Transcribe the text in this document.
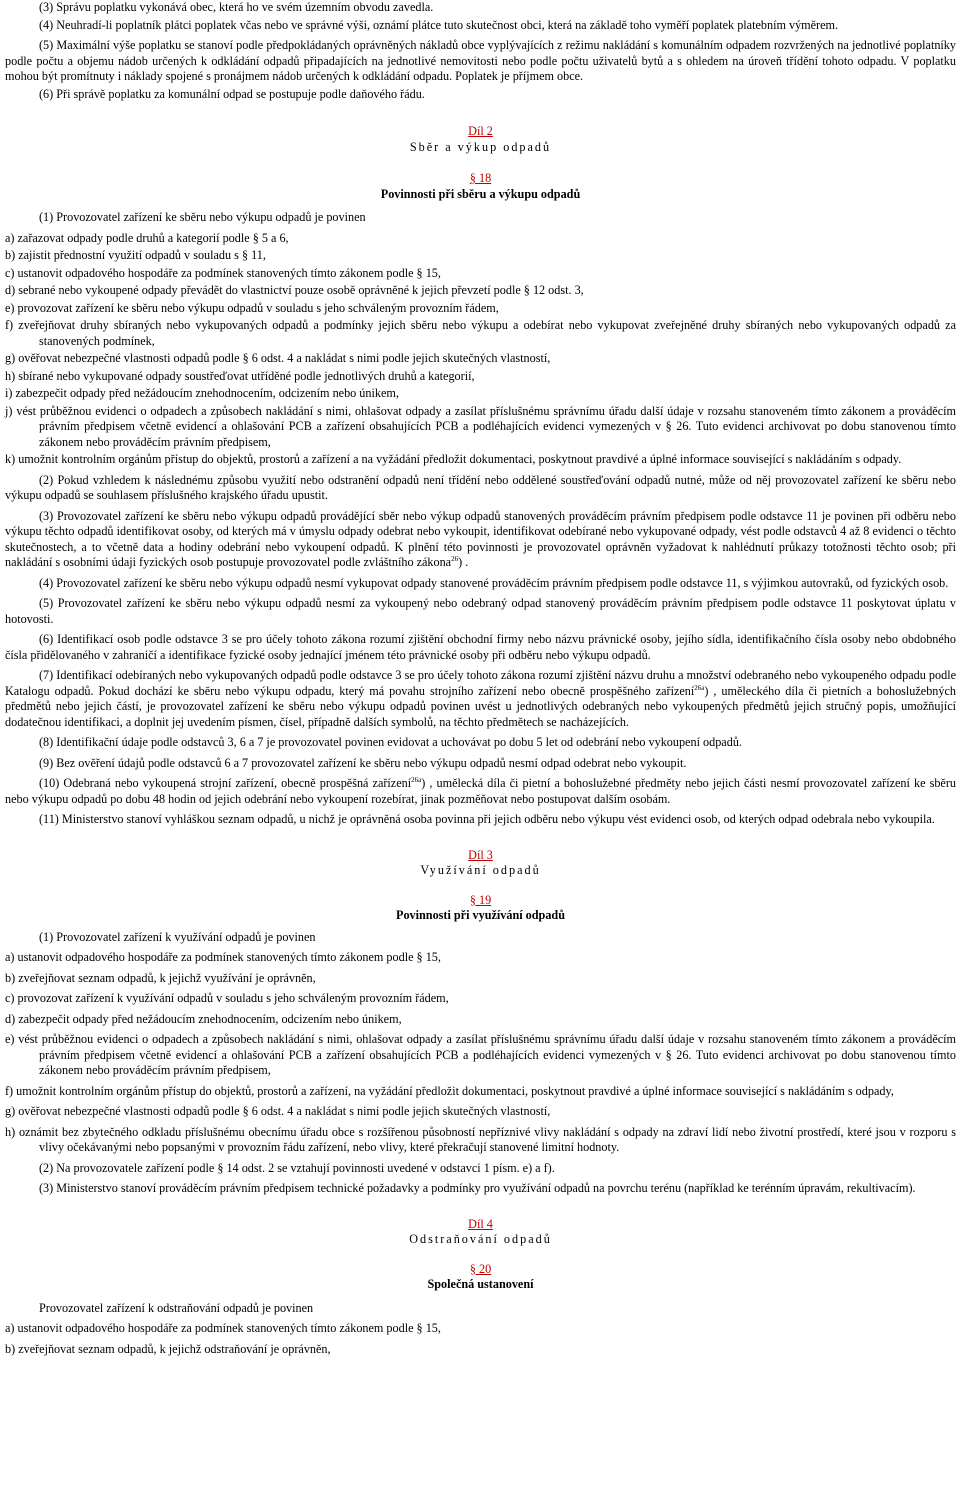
(3) Správu poplatku vykonává obec, která ho ve svém územním obvodu zavedla.

(4) Neuhradí-li poplatník plátci poplatek včas nebo ve správné výši, oznámí plátce tuto skutečnost obci, která na základě toho vyměří poplatek platebním výměrem.

(5) Maximální výše poplatku se stanoví podle předpokládaných oprávněných nákladů obce vyplývajících z režimu nakládání s komunálním odpadem rozvržených na jednotlivé poplatníky podle počtu a objemu nádob určených k odkládání odpadů připadajících na jednotlivé nemovitosti nebo podle počtu uživatelů bytů a s ohledem na úroveň třídění tohoto odpadu. V poplatku mohou být promítnuty i náklady spojené s pronájmem nádob určených k odkládání odpadu. Poplatek je příjmem obce.

(6) Při správě poplatku za komunální odpad se postupuje podle daňového řádu.

Díl 2
Sběr a výkup odpadů
§ 18
Povinnosti při sběru a výkupu odpadů

(1) Provozovatel zařízení ke sběru nebo výkupu odpadů je povinen

a) zařazovat odpady podle druhů a kategorií podle § 5 a 6,

b) zajistit přednostní využití odpadů v souladu s § 11,

c) ustanovit odpadového hospodáře za podmínek stanovených tímto zákonem podle § 15,

d) sebrané nebo vykoupené odpady převádět do vlastnictví pouze osobě oprávněné k jejich převzetí podle § 12 odst. 3,

e) provozovat zařízení ke sběru nebo výkupu odpadů v souladu s jeho schváleným provozním řádem,

f) zveřejňovat druhy sbíraných nebo vykupovaných odpadů a podmínky jejich sběru nebo výkupu a odebírat nebo vykupovat zveřejněné druhy sbíraných nebo vykupovaných odpadů za stanovených podmínek,

g) ověřovat nebezpečné vlastnosti odpadů podle § 6 odst. 4 a nakládat s nimi podle jejich skutečných vlastností,

h) sbírané nebo vykupované odpady soustřeďovat utříděné podle jednotlivých druhů a kategorií,

i) zabezpečit odpady před nežádoucím znehodnocením, odcizením nebo únikem,

j) vést průběžnou evidenci o odpadech a způsobech nakládání s nimi, ohlašovat odpady a zasílat příslušnému správnímu úřadu další údaje v rozsahu stanoveném tímto zákonem a prováděcím právním předpisem včetně evidencí a ohlašování PCB a zařízení obsahujících PCB a podléhajících evidenci vymezených v § 26. Tuto evidenci archivovat po dobu stanovenou tímto zákonem nebo prováděcím právním předpisem,

k) umožnit kontrolním orgánům přístup do objektů, prostorů a zařízení a na vyžádání předložit dokumentaci, poskytnout pravdivé a úplné informace související s nakládáním s odpady.

(2) Pokud vzhledem k následnému způsobu využití nebo odstranění odpadů není třídění nebo oddělené soustřeďování odpadů nutné, může od něj provozovatel zařízení ke sběru nebo výkupu odpadů se souhlasem příslušného krajského úřadu upustit.

(3) Provozovatel zařízení ke sběru nebo výkupu odpadů provádějící sběr nebo výkup odpadů stanovených prováděcím právním předpisem podle odstavce 11 je povinen při odběru nebo výkupu těchto odpadů identifikovat osoby, od kterých má v úmyslu odpady odebrat nebo vykoupit, identifikovat odebírané nebo vykupované odpady, vést podle odstavců 4 až 8 evidenci o těchto skutečnostech, a to včetně data a hodiny odebrání nebo vykoupení odpadů. K plnění této povinnosti je provozovatel oprávněn vyžadovat k nahlédnutí průkazy totožnosti těchto osob; při nakládání s osobními údaji fyzických osob postupuje provozovatel podle zvláštního zákona$^{26}$) .

(4) Provozovatel zařízení ke sběru nebo výkupu odpadů nesmí vykupovat odpady stanovené prováděcím právním předpisem podle odstavce 11, s výjimkou autovraků, od fyzických osob.

(5) Provozovatel zařízení ke sběru nebo výkupu odpadů nesmí za vykoupený nebo odebraný odpad stanovený prováděcím právním předpisem podle odstavce 11 poskytovat úplatu v hotovosti.

(6) Identifikací osob podle odstavce 3 se pro účely tohoto zákona rozumí zjištění obchodní firmy nebo názvu právnické osoby, jejího sídla, identifikačního čísla osoby nebo obdobného čísla přidělovaného v zahraničí a identifikace fyzické osoby jednající jménem této právnické osoby při odběru nebo výkupu odpadů.

(7) Identifikací odebíraných nebo vykupovaných odpadů podle odstavce 3 se pro účely tohoto zákona rozumí zjištění názvu druhu a množství odebraného nebo vykoupeného odpadu podle Katalogu odpadů. Pokud dochází ke sběru nebo výkupu odpadu, který má povahu strojního zařízení nebo obecně prospěšného zařízení$^{26a}$) , uměleckého díla či pietních a bohoslužebných předmětů nebo jejich částí, je provozovatel zařízení ke sběru nebo výkupu odpadů povinen uvést u jednotlivých odebraných nebo vykoupených předmětů jejich stručný popis, umožňující dodatečnou identifikaci, a doplnit jej uvedením písmen, čísel, případně dalších symbolů, na těchto předmětech se nacházejících.

(8) Identifikační údaje podle odstavců 3, 6 a 7 je provozovatel povinen evidovat a uchovávat po dobu 5 let od odebrání nebo vykoupení odpadů.

(9) Bez ověření údajů podle odstavců 6 a 7 provozovatel zařízení ke sběru nebo výkupu odpadů nesmí odpad odebrat nebo vykoupit.

(10) Odebraná nebo vykoupená strojní zařízení, obecně prospěšná zařízení$^{26a}$) , umělecká díla či pietní a bohoslužebné předměty nebo jejich části nesmí provozovatel zařízení ke sběru nebo výkupu odpadů po dobu 48 hodin od jejich odebrání nebo vykoupení rozebírat, jinak pozměňovat nebo postupovat dalším osobám.

(11) Ministerstvo stanoví vyhláškou seznam odpadů, u nichž je oprávněná osoba povinna při jejich odběru nebo výkupu vést evidenci osob, od kterých odpad odebrala nebo vykoupila.

Díl 3
Využívání odpadů
§ 19
Povinnosti při využívání odpadů

(1) Provozovatel zařízení k využívání odpadů je povinen

a) ustanovit odpadového hospodáře za podmínek stanovených tímto zákonem podle § 15,

b) zveřejňovat seznam odpadů, k jejichž využívání je oprávněn,

c) provozovat zařízení k využívání odpadů v souladu s jeho schváleným provozním řádem,

d) zabezpečit odpady před nežádoucím znehodnocením, odcizením nebo únikem,

e) vést průběžnou evidenci o odpadech a způsobech nakládání s nimi, ohlašovat odpady a zasílat příslušnému správnímu úřadu další údaje v rozsahu stanoveném tímto zákonem a prováděcím právním předpisem včetně evidencí a ohlašování PCB a zařízení obsahujících PCB a podléhajících evidenci vymezených v § 26. Tuto evidenci archivovat po dobu stanovenou tímto zákonem nebo prováděcím právním předpisem,

f) umožnit kontrolním orgánům přístup do objektů, prostorů a zařízení, na vyžádání předložit dokumentaci, poskytnout pravdivé a úplné informace související s nakládáním s odpady,

g) ověřovat nebezpečné vlastnosti odpadů podle § 6 odst. 4 a nakládat s nimi podle jejich skutečných vlastností,

h) oznámit bez zbytečného odkladu příslušnému obecnímu úřadu obce s rozšířenou působností nepříznivé vlivy nakládání s odpady na zdraví lidí nebo životní prostředí, které jsou v rozporu s vlivy očekávanými nebo popsanými v provozním řádu zařízení, nebo vlivy, které překračují stanovené limitní hodnoty.

(2) Na provozovatele zařízení podle § 14 odst. 2 se vztahují povinnosti uvedené v odstavci 1 písm. e) a f).

(3) Ministerstvo stanoví prováděcím právním předpisem technické požadavky a podmínky pro využívání odpadů na povrchu terénu (například ke terénním úpravám, rekultivacím).

Díl 4
Odstraňování odpadů
§ 20
Společná ustanovení

Provozovatel zařízení k odstraňování odpadů je povinen

a) ustanovit odpadového hospodáře za podmínek stanovených tímto zákonem podle § 15,

b) zveřejňovat seznam odpadů, k jejichž odstraňování je oprávněn,
